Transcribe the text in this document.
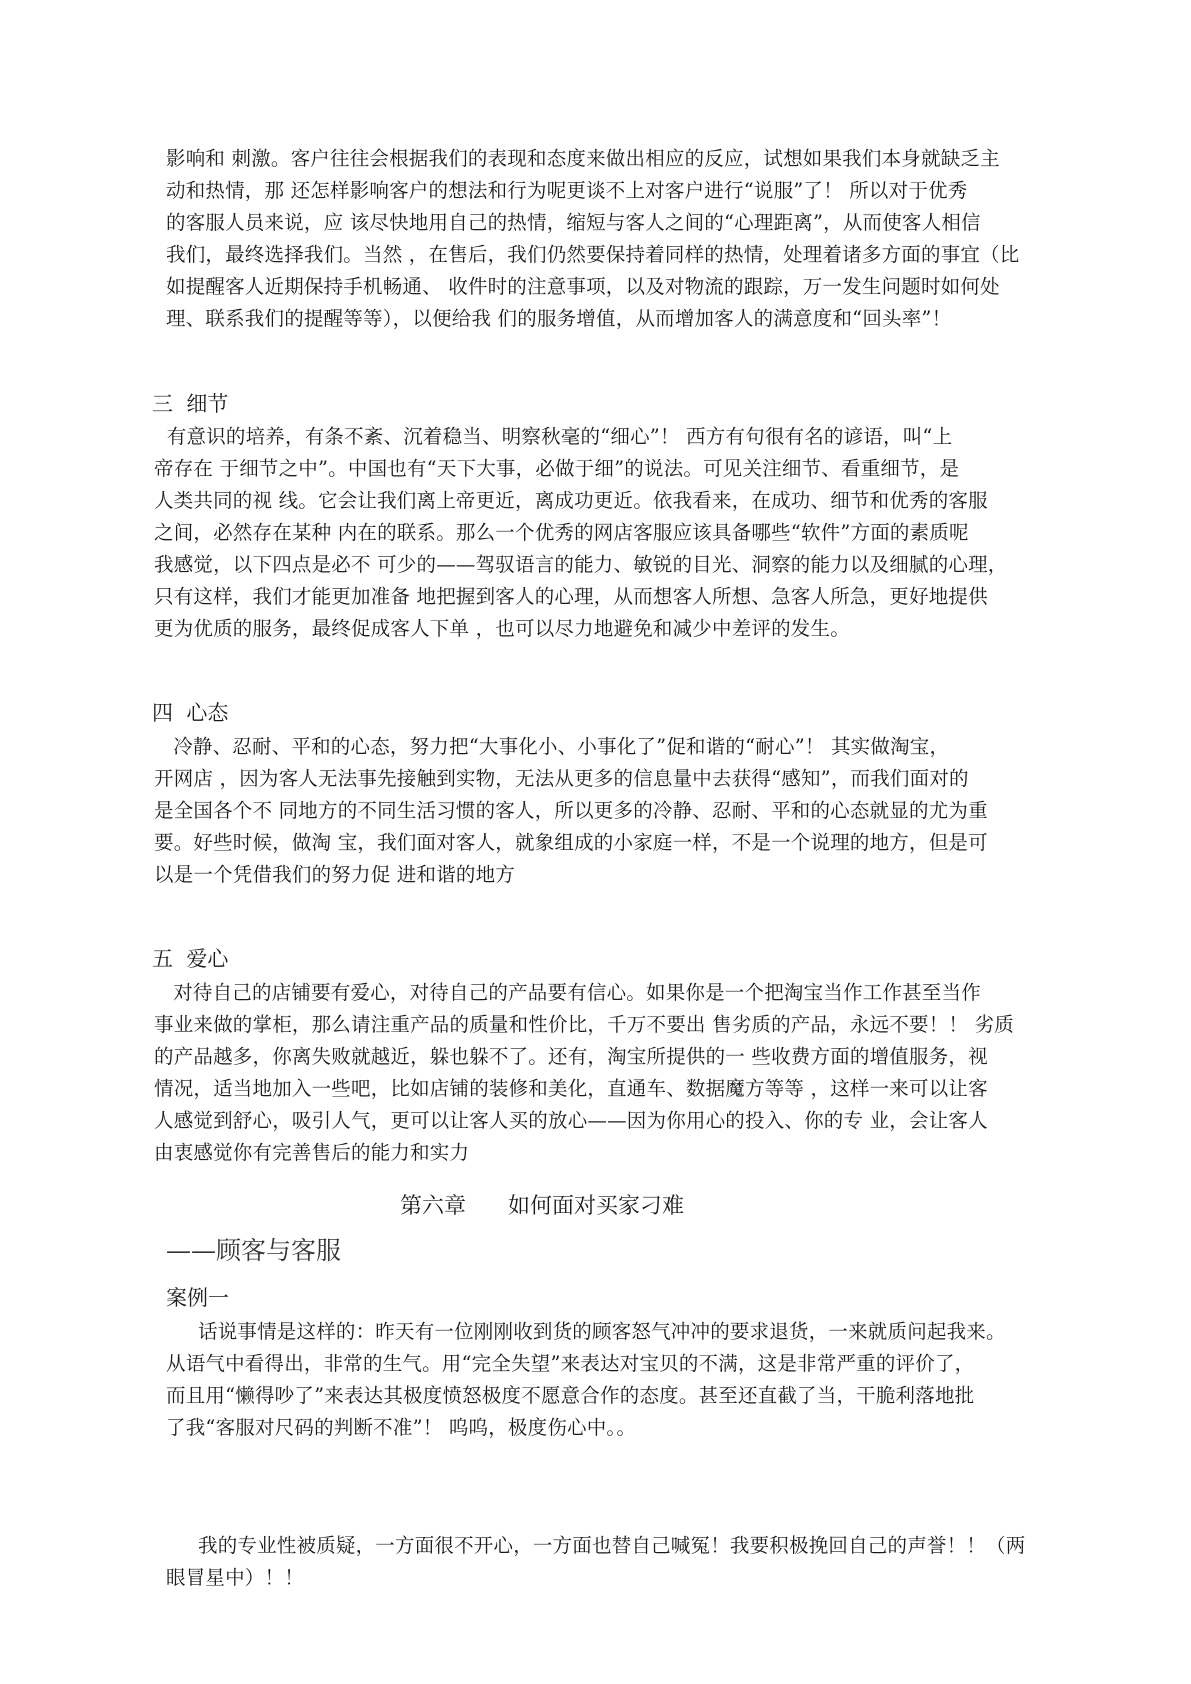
影响和 刺激。客户往往会根据我们的表现和态度来做出相应的反应，试想如果我们本身就缺乏主
动和热情，那 还怎样影响客户的想法和行为呢更谈不上对客户进行“说服”了！ 所以对于优秀
的客服人员来说，应 该尽快地用自己的热情，缩短与客人之间的“心理距离”，从而使客人相信
我们，最终选择我们。当然 ，在售后，我们仍然要保持着同样的热情，处理着诸多方面的事宜（比
如提醒客人近期保持手机畅通、 收件时的注意事项，以及对物流的跟踪，万一发生问题时如何处
理、联系我们的提醒等等），以便给我 们的服务增值，从而增加客人的满意度和“回头率”！
三  细节
有意识的培养，有条不紊、沉着稳当、明察秋毫的“细心”！ 西方有句很有名的谚语，叫“上
帝存在 于细节之中”。中国也有“天下大事，必做于细”的说法。可见关注细节、看重细节，是
人类共同的视 线。它会让我们离上帝更近，离成功更近。依我看来，在成功、细节和优秀的客服
之间，必然存在某种 内在的联系。那么一个优秀的网店客服应该具备哪些“软件”方面的素质呢
我感觉，以下四点是必不 可少的——驾驭语言的能力、敏锐的目光、洞察的能力以及细腻的心理，
只有这样，我们才能更加准备 地把握到客人的心理，从而想客人所想、急客人所急，更好地提供
更为优质的服务，最终促成客人下单 ，也可以尽力地避免和减少中差评的发生。
四  心态
冷静、忍耐、平和的心态，努力把“大事化小、小事化了”促和谐的“耐心”！ 其实做淘宝，
开网店 ，因为客人无法事先接触到实物，无法从更多的信息量中去获得“感知”，而我们面对的
是全国各个不 同地方的不同生活习惯的客人，所以更多的冷静、忍耐、平和的心态就显的尤为重
要。好些时候，做淘 宝，我们面对客人，就象组成的小家庭一样，不是一个说理的地方，但是可
以是一个凭借我们的努力促 进和谐的地方
五  爱心
对待自己的店铺要有爱心，对待自己的产品要有信心。如果你是一个把淘宝当作工作甚至当作
事业来做的掌柜，那么请注重产品的质量和性价比，千万不要出 售劣质的产品，永远不要！！ 劣质
的产品越多，你离失败就越近，躲也躲不了。还有，淘宝所提供的一 些收费方面的增值服务，视
情况，适当地加入一些吧，比如店铺的装修和美化，直通车、数据魔方等等 ，这样一来可以让客
人感觉到舒心，吸引人气，更可以让客人买的放心——因为你用心的投入、你的专 业，会让客人
由衷感觉你有完善售后的能力和实力
第六章      如何面对买家刁难
——顾客与客服
案例一
话说事情是这样的：昨天有一位刚刚收到货的顾客怒气冲冲的要求退货，一来就质问起我来。
从语气中看得出，非常的生气。用“完全失望”来表达对宝贝的不满，这是非常严重的评价了，
而且用“懒得吵了”来表达其极度愤怒极度不愿意合作的态度。甚至还直截了当，干脆利落地批
了我“客服对尺码的判断不准”！ 呜呜，极度伤心中。。
我的专业性被质疑，一方面很不开心，一方面也替自己喊冤！我要积极挽回自己的声誉！！（两
眼冒星中）！！
